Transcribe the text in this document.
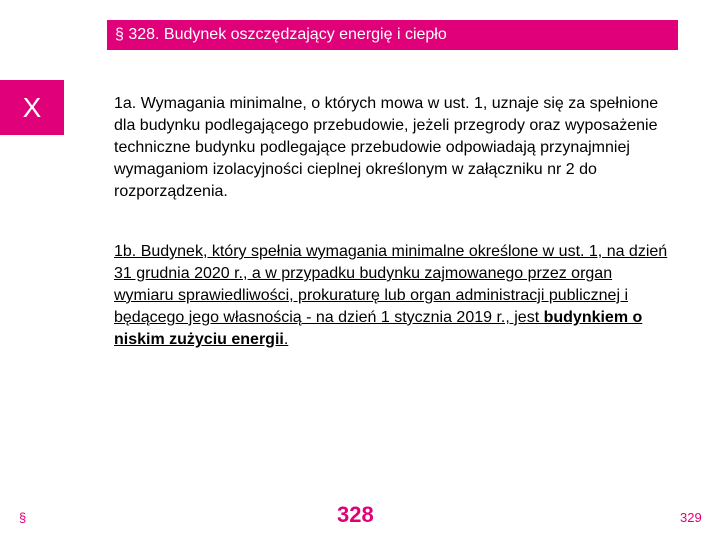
§ 328. Budynek oszczędzający energię i ciepło
X	1a. Wymagania minimalne, o których mowa w ust. 1, uznaje się za spełnione dla budynku podlegającego przebudowie, jeżeli przegrody oraz wyposażenie techniczne budynku podlegające przebudowie odpowiadają przynajmniej wymaganiom izolacyjności cieplnej określonym w załączniku nr 2 do rozporządzenia.
1b. Budynek, który spełnia wymagania minimalne określone w ust. 1, na dzień 31 grudnia 2020 r., a w przypadku budynku zajmowanego przez organ wymiaru sprawiedliwości, prokuraturę lub organ administracji publicznej i będącego jego własnością - na dzień 1 stycznia 2019 r., jest budynkiem o niskim zużyciu energii.
§	328	329
